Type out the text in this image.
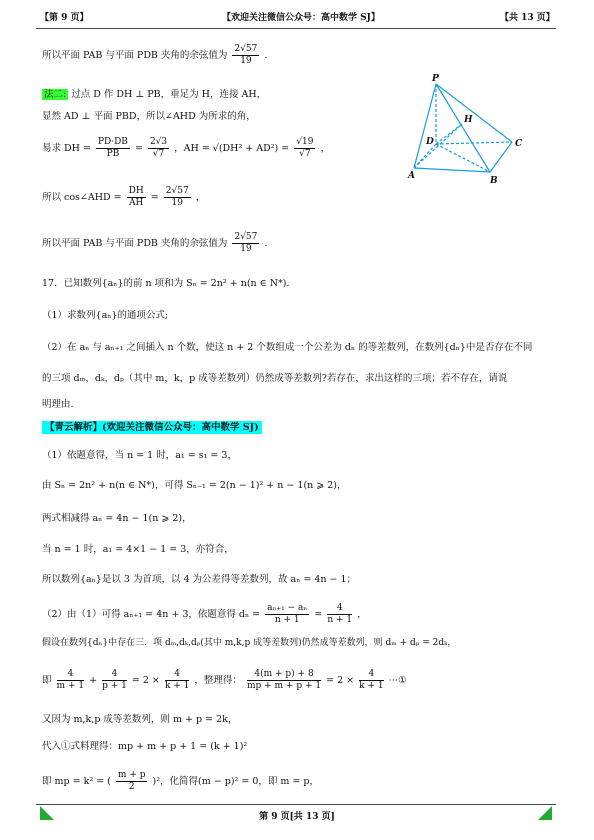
【第 9 页】	【欢迎关注微信公众号：高中数学 SJ】	【共 13 页】
P
H
D	C
A	B
所以平面 PAB 与平面 PDB 夹角的余弦值为 $\frac{2√57}{19}$ .
法二: 过点 D 作 DH ⊥ PB，垂足为 H，连接 AH，
显然 AD ⊥ 平面 PBD，所以∠AHD 为所求的角，
易求 DH = $\frac{PD\cdot DB}{PB} = \frac{2√3}{√7}$ ，AH = $√(DH^2 + AD^2) = \frac{√19}{√7}$ ，
所以 cos∠AHD = $\frac{DH}{AH} = \frac{2√57}{19}$ ，
所以平面 PAB 与平面 PDB 夹角的余弦值为 $\frac{2√57}{19}$ .
17．已知数列{aₙ}的前 n 项和为 Sₙ = 2n² + n(n ∈ N*)．
（1）求数列{aₙ}的通项公式;
（2）在 aₙ 与 aₙ₊₁ 之间插入 n 个数，使这 n + 2 个数组成一个公差为 dₙ 的等差数列，在数列{dₙ}中是否存在不同
的三项 dₘ，dₖ，dₚ（其中 m，k，p 成等差数列）仍然成等差数列?若存在，求出这样的三项；若不存在，请说
明理由.
【青云解析】(欢迎关注微信公众号：高中数学 SJ)
（1）依题意得，当 n = 1 时，a₁ = s₁ = 3，
由 Sₙ = 2n² + n(n ∈ N*)，可得 Sₙ₋₁ = 2(n − 1)² + n − 1(n ⩾ 2)，
两式相减得 aₙ = 4n − 1(n ⩾ 2)，
当 n = 1 时，a₁ = 4×1 − 1 = 3，亦符合，
所以数列{aₙ}是以 3 为首项，以 4 为公差得等差数列，故 aₙ = 4n − 1；
（2）由（1）可得 aₙ₊₁ = 4n + 3，依题意得 $d_n = \frac{\text{aₙ₊₁ − aₙ}}{n + 1} = \frac{4}{n + 1}$ ，
假设在数列{dₙ}中存在三．项 dₘ,dₖ,dₚ(其中 m,k,p 成等差数列)仍然成等差数列，则 dₘ + dₚ = 2dₖ，
即 $\frac{4}{m + 1} + \frac{4}{p + 1} = 2 \times \frac{4}{k + 1}$ ，整理得： $\frac{4(m + p) + 8}{mp + m + p + 1} = 2 \times \frac{4}{k + 1}$ ⋯①
又因为 m,k,p 成等差数列，则 m + p = 2k，
代入①式料理得：mp + m + p + 1 = (k + 1)²
即 mp = k² = ( $\frac{m + p}{2} )^2$，化简得(m − p)² = 0，即 m = p，
第 9 页[共 13 页]
